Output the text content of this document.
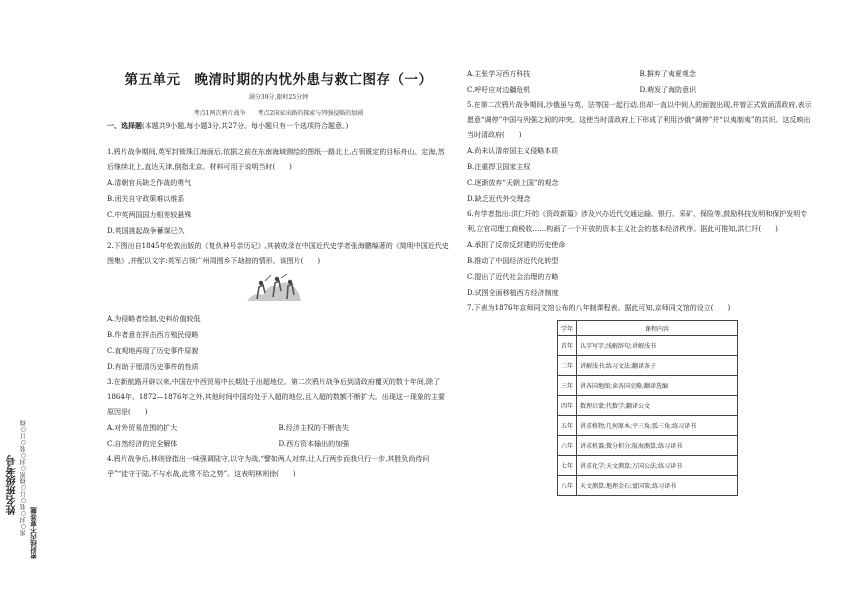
姓名班级考号 密○封○装○订○线密○封○装○订○线 密封线内不要答题
第五单元　晚清时期的内忧外患与救亡图存（一）
满分39分,限时25分钟
考点1两次鸦片战争　　考点2国家出路的探索与列强侵略的加剧
一、选择题(本题共9小题,每小题3分,共27分。每小题只有一个选项符合题意。)
1.鸦片战争期间,英军封锁珠江海面后,依据之前在东南海域测绘的图纸一路北上,占领既定的目标舟山、定海,然后继续北上,直达天津,倒指北京。材料可用于说明当时(　　)
A.清朝官兵缺乏作战的勇气
B.闭关自守政策难以维系
C.中英两国国力相差较悬殊
D.英国挑起战争蓄谋已久
2.下图出自1845年伦敦出版的《复仇神号亲历记》,其被收录在中国近代史学者张海鹏编著的《简明中国近代史图集》,并配以文字:英军占领广州周围乡下劫掠的情形。该图片(　　)
A.为侵略者绘制,史料价值较低
B.作者意在抨击西方殖民侵略
C.直观地再现了历史事件原貌
D.有助于厘清历史事件的性质
3.在新航路开辟以来,中国在中西贸易中长期处于出超地位。第二次鸦片战争后到清政府覆灭的数十年间,除了1864年、1872—1876年之外,其他时间中国均处于入超的地位,且入超的数额不断扩大。出现这一现象的主要原因是(　　)
A.对外贸易范围的扩大	B.经济主权的不断丧失
C.自然经济的完全解体	D.西方资本输出的加强
4.鸦片战争后,林则徐指出一味强调陆守,以守为战,“譬如两人对弈,让人行两步而我只行一步,其胜负尚待问乎”“徒守于陆,不与水战,此常不给之势”。这表明林则徐(　　)
A.主张学习西方科技	B.摒弃了夷夏观念
C.呼吁应对边疆危机	D.萌发了海防意识
5.在第二次鸦片战争期间,沙俄虽与英、法等国一起行动,但却一直以中间人的面貌出现,并曾正式致函清政府,表示愿意“调停”中国与列强之间的冲突。这使当时清政府上下形成了利用沙俄“调停”并“以夷制夷”的共识。这反映出当时清政府(　　)
A.尚未认清帝国主义侵略本质
B.注重捍卫国家主权
C.逐渐放弃“天朝上国”的观念
D.缺乏近代外交理念
6.有学者指出:洪仁玕的《资政新篇》涉及兴办近代交通运输、银行、采矿、保险等,鼓励科技发明和保护发明专利,立官司理工商税收……构画了一个开放的资本主义社会的基本经济秩序。据此可推知,洪仁玕(　　)
A.承担了反帝反封建的历史使命
B.推动了中国经济近代化转型
C.提出了近代社会治理的方略
D.试图全面移植西方经济制度
7.下表为1876年京师同文馆公布的八年制课程表。据此可知,京师同文馆的设立(　　)
学年	课程内容
首年	认字写字;浅解辞句;讲解浅书
二年	讲解浅书;练习文法;翻译条子
三年	讲各国地图;读各国史略;翻译选编
四年	数理启蒙;代数学;翻译公文
五年	讲求格物;几何原本;平三角;弧三角;练习译书
六年	讲求机器;微分积分;航海测算;练习译书
七年	讲求化学;天文测算;万国公法;练习译书
八年	天文测算;地理金石;富国策;练习译书
